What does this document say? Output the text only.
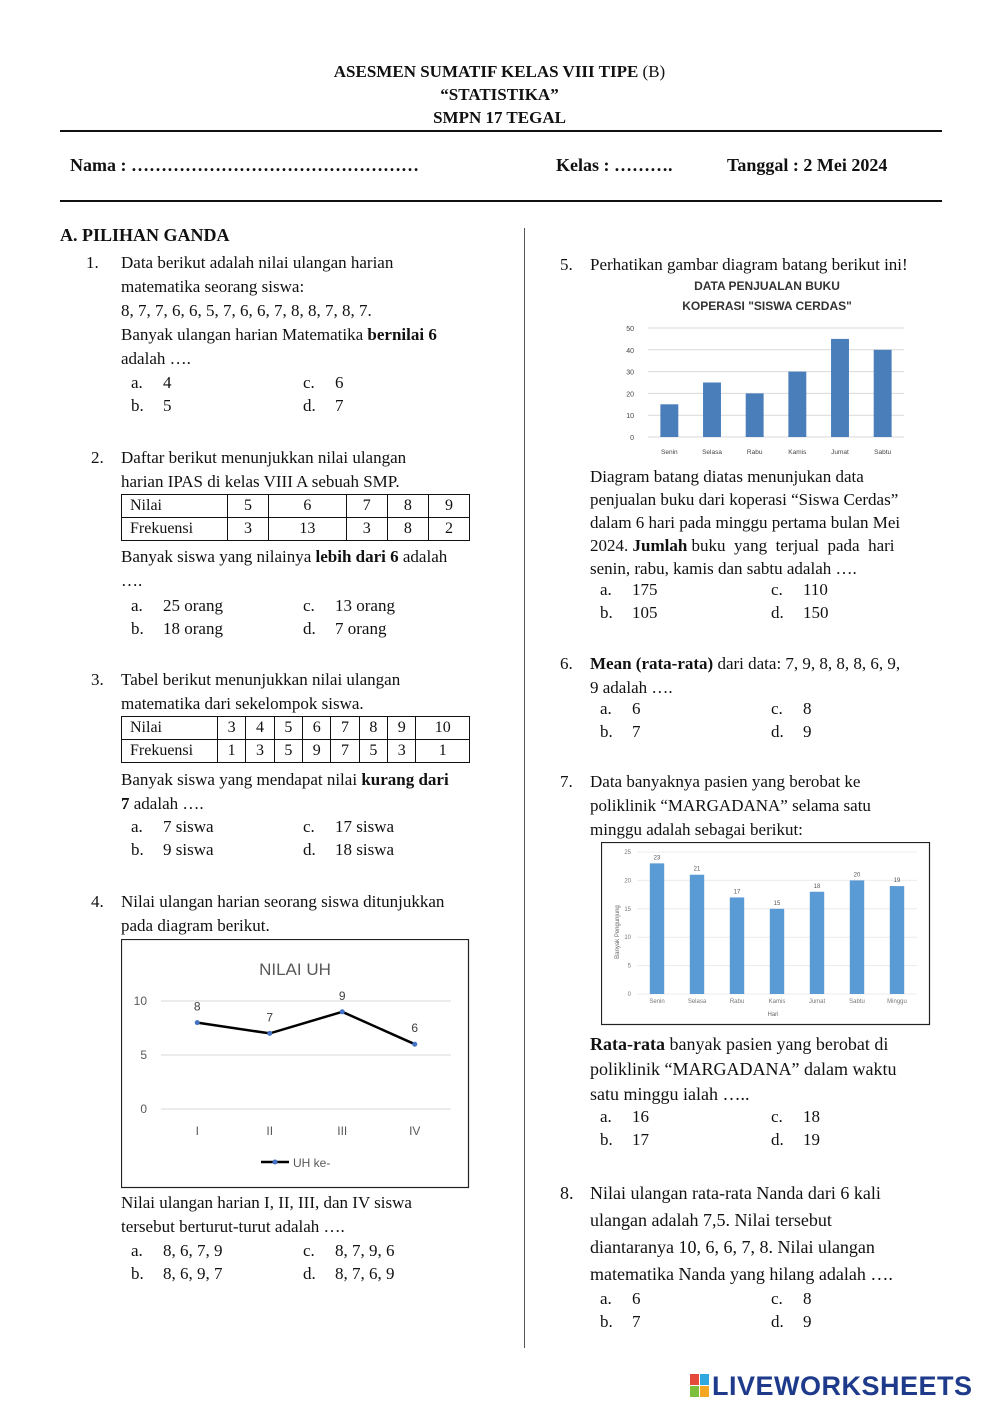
ASESMEN SUMATIF KELAS VIII TIPE (B)
“STATISTIKA”
SMPN 17 TEGAL
Nama : …………………………………………	Kelas : ……….	Tanggal : 2 Mei 2024
A. PILIHAN GANDA
1. Data berikut adalah nilai ulangan harian
matematika seorang siswa:
8, 7, 7, 6, 6, 5, 7, 6, 6, 7, 8, 8, 7, 8, 7.
Banyak ulangan harian Matematika bernilai 6
adalah ….
a. 4
b. 5
c. 6
d. 7
2. Daftar berikut menunjukkan nilai ulangan
harian IPAS di kelas VIII A sebuah SMP.
Nilai	5	6	7	8	9
Frekuensi	3	13	3	8	2
Banyak siswa yang nilainya lebih dari 6 adalah
….
a. 25 orang
b. 18 orang
c. 13 orang
d. 7 orang
3. Tabel berikut menunjukkan nilai ulangan
matematika dari sekelompok siswa.
Nilai	3	4	5	6	7	8	9	10
Frekuensi	1	3	5	9	7	5	3	1
Banyak siswa yang mendapat nilai kurang dari
7 adalah ….
a. 7 siswa
b. 9 siswa
c. 17 siswa
d. 18 siswa
4. Nilai ulangan harian seorang siswa ditunjukkan
pada diagram berikut.
NILAI UH
0
5
10
I	II	III	IV
8
7
9
6
UH ke-
Nilai ulangan harian I, II, III, dan IV siswa
tersebut berturut-turut adalah ….
a. 8, 6, 7, 9
b. 8, 6, 9, 7
c. 8, 7, 9, 6
d. 8, 7, 6, 9
5. Perhatikan gambar diagram batang berikut ini!
DATA PENJUALAN BUKU
KOPERASI "SISWA CERDAS"
0
10
20
30
40
50
Senin	Selasa	Rabu	Kamis	Jumat	Sabtu
Diagram batang diatas menunjukan data
penjualan buku dari koperasi “Siswa Cerdas”
dalam 6 hari pada minggu pertama bulan Mei
2024. Jumlah buku  yang  terjual  pada  hari
senin, rabu, kamis dan sabtu adalah ….
a. 175
b. 105
c. 110
d. 150
6. Mean (rata-rata) dari data: 7, 9, 8, 8, 8, 6, 9,
9 adalah ….
a. 6
b. 7
c. 8
d. 9
7. Data banyaknya pasien yang berobat ke
poliklinik “MARGADANA” selama satu
minggu adalah sebagai berikut:
0
5
10
15
20
25
23
21
17
15
18
20
19
Senin	Selasa	Rabu	Kamis	Jumat	Sabtu	Minggu
Hari
Banyak Pengunjung
Rata-rata banyak pasien yang berobat di
poliklinik “MARGADANA” dalam waktu
satu minggu ialah …..
a. 16
b. 17
c. 18
d. 19
8. Nilai ulangan rata-rata Nanda dari 6 kali
ulangan adalah 7,5. Nilai tersebut
diantaranya 10, 6, 6, 7, 8. Nilai ulangan
matematika Nanda yang hilang adalah ….
a. 6
b. 7
c. 8
d. 9
LIVEWORKSHEETS
